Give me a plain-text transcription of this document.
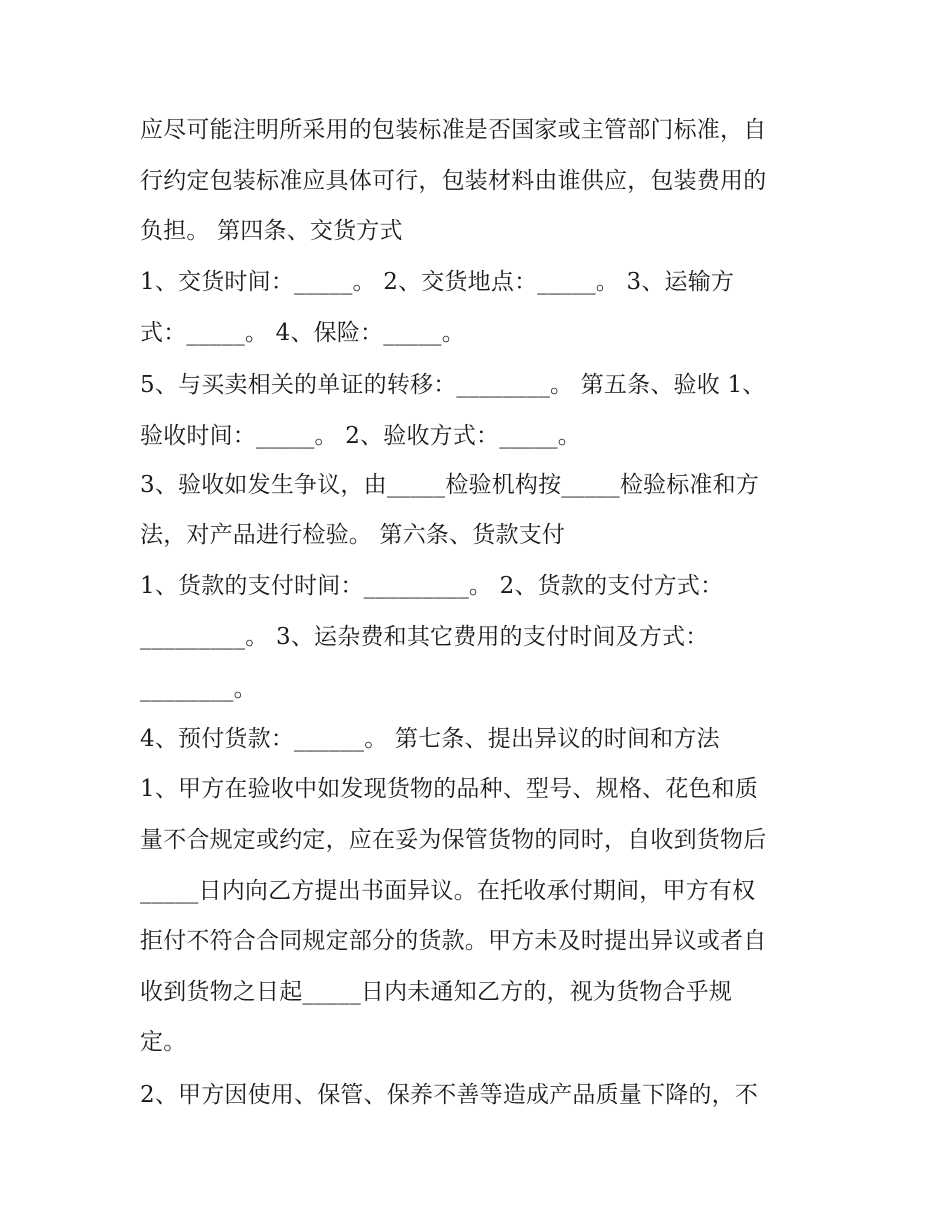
应尽可能注明所采用的包装标准是否国家或主管部门标准，自
行约定包装标准应具体可行，包装材料由谁供应，包装费用的
负担。 第四条、交货方式
1、交货时间：_____。 2、交货地点：_____。 3、运输方
式：_____。 4、保险：_____。
5、与买卖相关的单证的转移：________。 第五条、验收 1、
验收时间：_____。 2、验收方式：_____。
3、验收如发生争议，由_____检验机构按_____检验标准和方
法，对产品进行检验。 第六条、货款支付
1、货款的支付时间：_________。 2、货款的支付方式：
_________。 3、运杂费和其它费用的支付时间及方式：
________。
4、预付货款：______。 第七条、提出异议的时间和方法
1、甲方在验收中如发现货物的品种、型号、规格、花色和质
量不合规定或约定，应在妥为保管货物的同时，自收到货物后
_____日内向乙方提出书面异议。在托收承付期间，甲方有权
拒付不符合合同规定部分的货款。甲方未及时提出异议或者自
收到货物之日起_____日内未通知乙方的，视为货物合乎规
定。
2、甲方因使用、保管、保养不善等造成产品质量下降的，不
